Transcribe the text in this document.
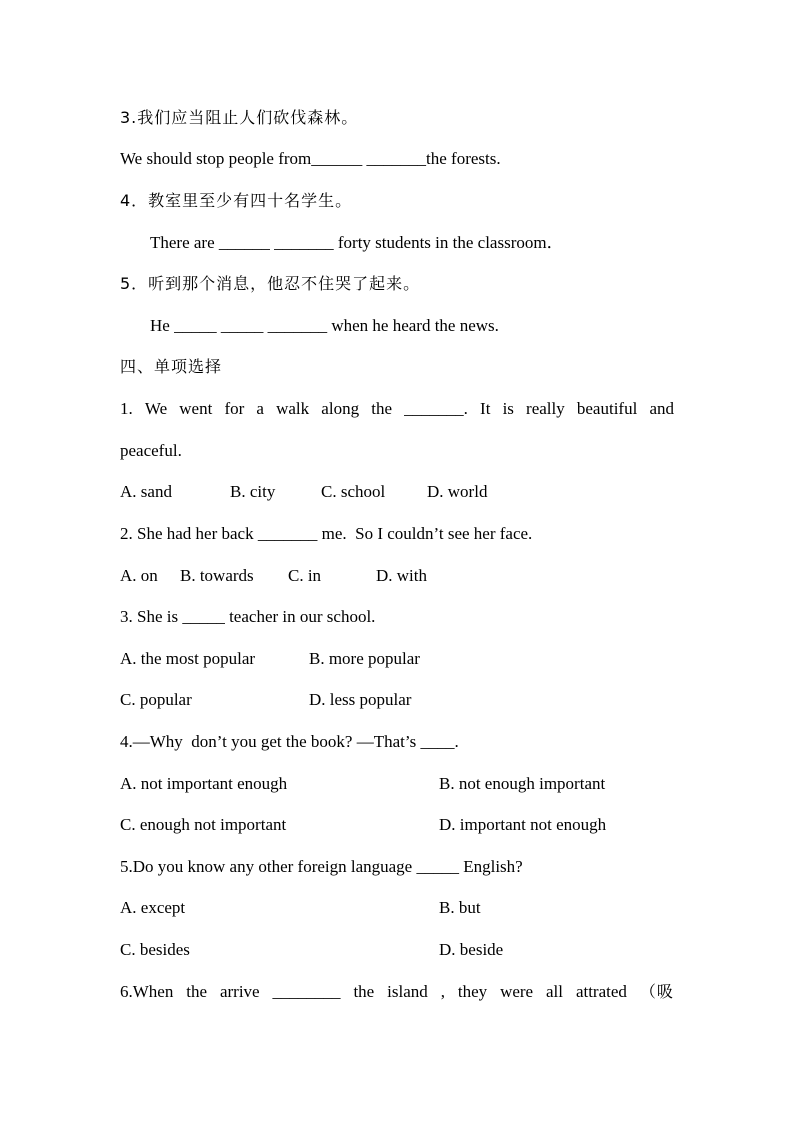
3.我们应当阻止人们砍伐森林。
We should stop people from______ _______the forests.
4．教室里至少有四十名学生。
There are ______ _______ forty students in the classroom．
5．听到那个消息，他忍不住哭了起来。
He _____ _____ _______ when he heard the news.
四、单项选择
1. We went for a walk along the _______. It is really beautiful and
peaceful.
A. sand	B. city	C. school D. world
2. She had her back _______ me.  So I couldn’t see her face.
A. on B. towards C. in	D. with
3. She is _____ teacher in our school.
A. the most popular	B. more popular
C. popular	D. less popular
4.—Why  don’t you get the book? —That’s ____.
A. not important enough	B. not enough important
C. enough not important	D. important not enough
5.Do you know any other foreign language _____ English?
A. except	B. but
C. besides	D. beside
6.When the arrive ________ the island , they were all attrated （吸
